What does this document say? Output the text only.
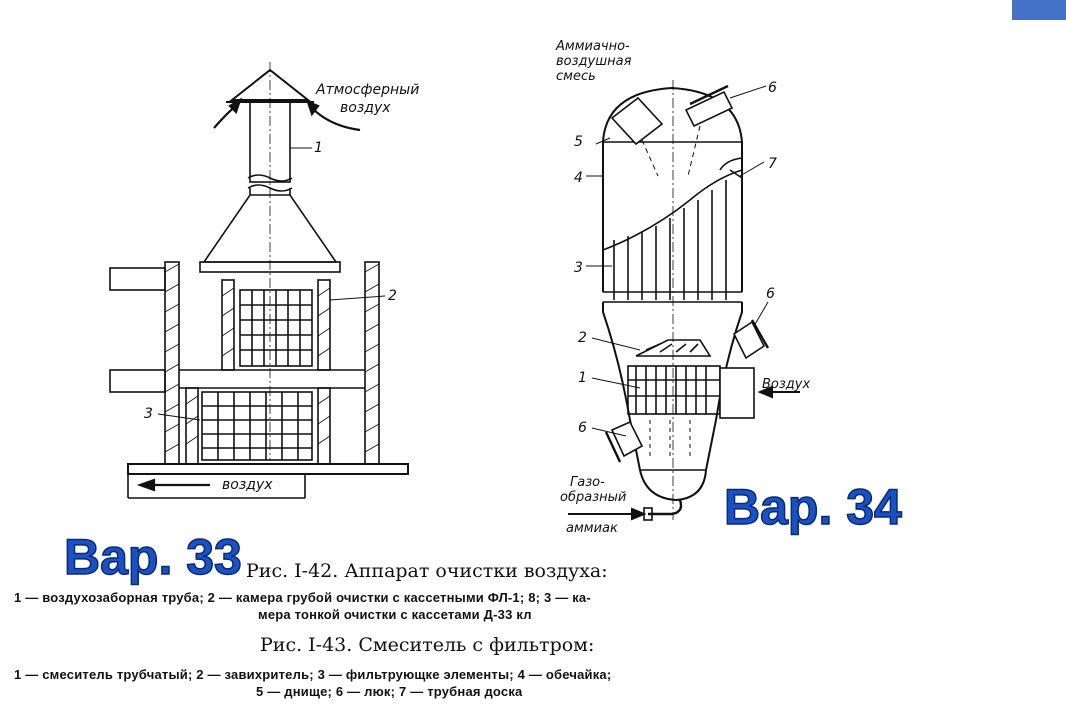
Атмосферный
воздух
1
2
3
воздух
Аммиачно-
воздушная
смесь
5
4
3
2
1
6
6
6
7
Воздух
Газо-
образный
аммиак
Вар. 33
Вар. 34
Рис. I-42. Аппарат очистки воздуха:
1 — воздухозаборная труба; 2 — камера грубой очистки с кассетными ФЛ-1; 8; 3 — ка-
мера тонкой очистки с кассетами Д-33 кл
Рис. I-43. Смеситель с фильтром:
1 — смеситель трубчатый; 2 — завихритель; 3 — фильтрующке элементы; 4 — обечайка;
5 — днище; 6 — люк; 7 — трубная доска
